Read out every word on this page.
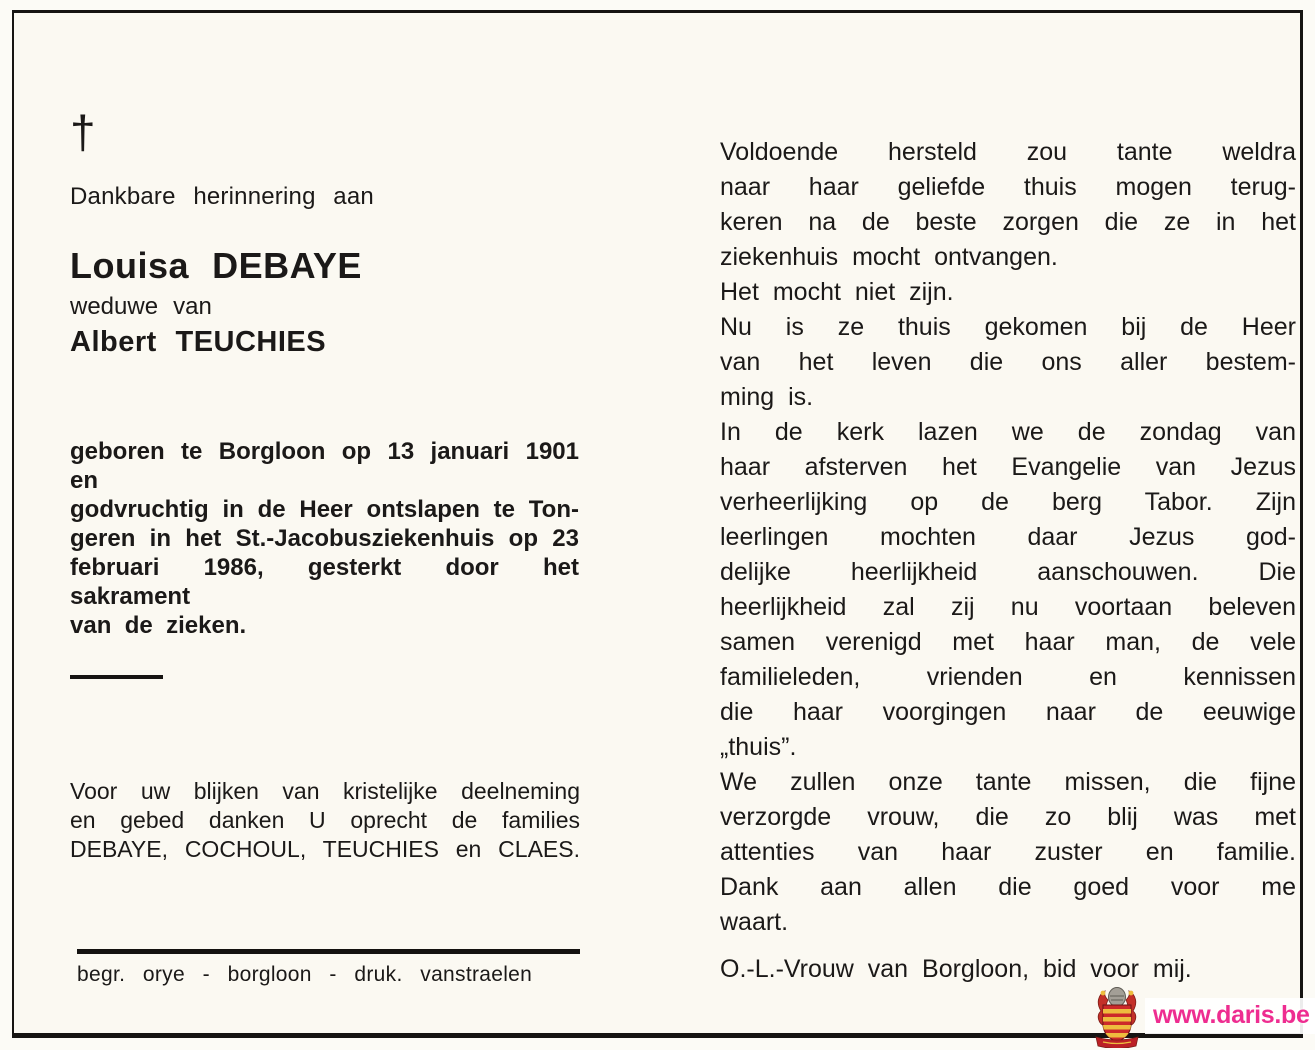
†
Dankbare herinnering aan
Louisa DEBAYE
weduwe van
Albert TEUCHIES
geboren te Borgloon op 13 januari 1901 en
godvruchtig in de Heer ontslapen te Ton-
geren in het St.-Jacobusziekenhuis op 23
februari 1986, gesterkt door het sakrament
van de zieken.
Voor uw blijken van kristelijke deelneming
en gebed danken U oprecht de families
DEBAYE, COCHOUL, TEUCHIES en CLAES.
begr. orye - borgloon - druk. vanstraelen
Voldoende hersteld zou tante weldra
naar haar geliefde thuis mogen terug-
keren na de beste zorgen die ze in het
ziekenhuis mocht ontvangen.
Het mocht niet zijn.
Nu is ze thuis gekomen bij de Heer
van het leven die ons aller bestem-
ming is.
In de kerk lazen we de zondag van
haar afsterven het Evangelie van Jezus
verheerlijking op de berg Tabor. Zijn
leerlingen mochten daar Jezus god-
delijke heerlijkheid aanschouwen. Die
heerlijkheid zal zij nu voortaan beleven
samen verenigd met haar man, de vele
familieleden, vrienden en kennissen
die haar voorgingen naar de eeuwige
„thuis”.
We zullen onze tante missen, die fijne
verzorgde vrouw, die zo blij was met
attenties van haar zuster en familie.
Dank aan allen die goed voor me
waart.
O.-L.-Vrouw van Borgloon, bid voor mij.
www.daris.be
